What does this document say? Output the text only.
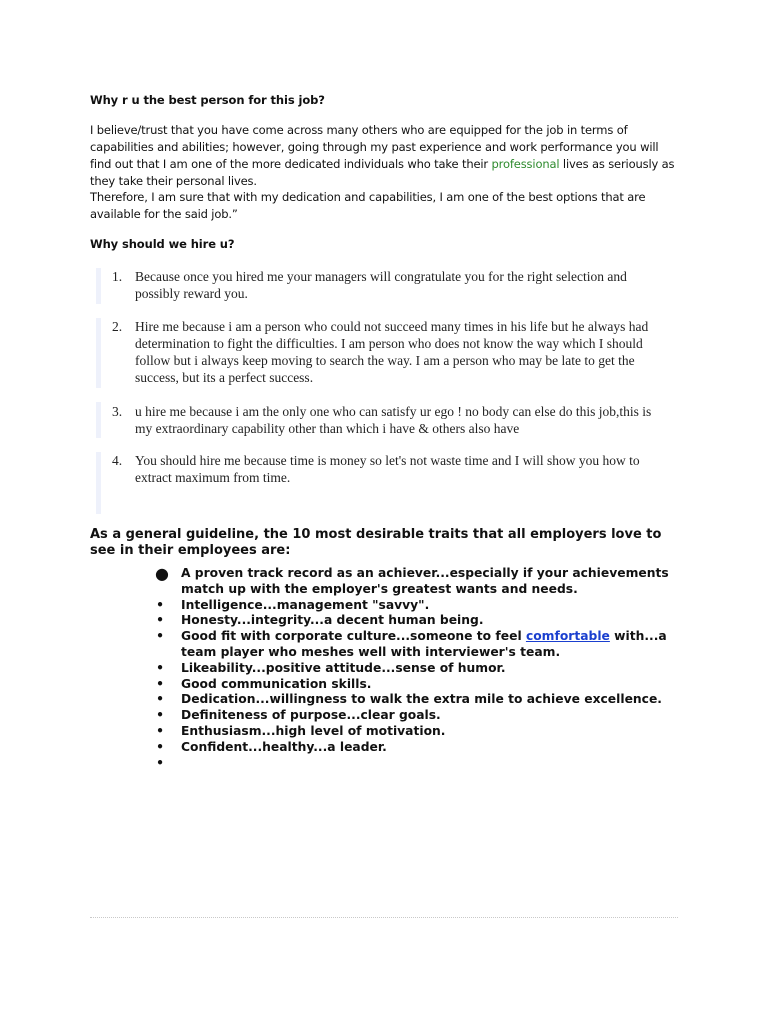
Why r u the best person for this job?
I believe/trust that you have come across many others who are equipped for the job in terms of capabilities and abilities; however, going through my past experience and work performance you will find out that I am one of the more dedicated individuals who take their professional lives as seriously as they take their personal lives.
Therefore, I am sure that with my dedication and capabilities, I am one of the best options that are available for the said job.”
Why should we hire u?
1. Because once you hired me your managers will congratulate you for the right selection and possibly reward you.
2. Hire me because i am a person who could not succeed many times in his life but he always had determination to fight the difficulties. I am person who does not know the way which I should follow but i always keep moving to search the way. I am a person who may be late to get the success, but its a perfect success.
3. u hire me because i am the only one who can satisfy ur ego ! no body can else do this job,this is my extraordinary capability other than which i have & others also have
4. You should hire me because time is money so let's not waste time and I will show you how to extract maximum from time.
As a general guideline, the 10 most desirable traits that all employers love to see in their employees are:
● A proven track record as an achiever...especially if your achievements match up with the employer's greatest wants and needs.
• Intelligence...management "savvy".
• Honesty...integrity...a decent human being.
• Good fit with corporate culture...someone to feel comfortable with...a team player who meshes well with interviewer's team.
• Likeability...positive attitude...sense of humor.
• Good communication skills.
• Dedication...willingness to walk the extra mile to achieve excellence.
• Definiteness of purpose...clear goals.
• Enthusiasm...high level of motivation.
• Confident...healthy...a leader.
•
